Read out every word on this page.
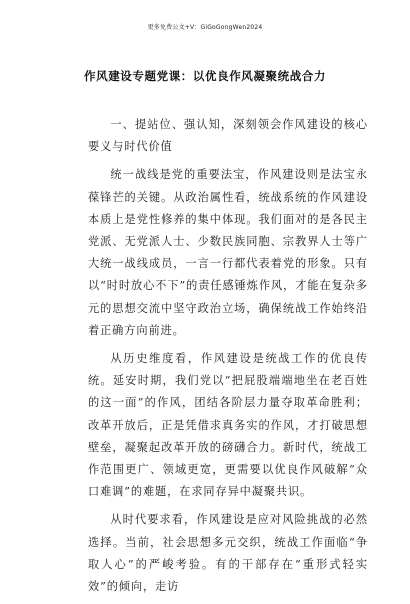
更多免费公文+V：GiGoGongWen2024
作风建设专题党课：以优良作风凝聚统战合力

一、提站位、强认知，深刻领会作风建设的核心要义与时代价值

统一战线是党的重要法宝，作风建设则是法宝永葆锋芒的关键。从政治属性看，统战系统的作风建设本质上是党性修养的集中体现。我们面对的是各民主党派、无党派人士、少数民族同胞、宗教界人士等广大统一战线成员，一言一行都代表着党的形象。只有以“时时放心不下”的责任感锤炼作风，才能在复杂多元的思想交流中坚守政治立场，确保统战工作始终沿着正确方向前进。

从历史维度看，作风建设是统战工作的优良传统。延安时期，我们党以“把屁股端端地坐在老百姓的这一面”的作风，团结各阶层力量夺取革命胜利；改革开放后，正是凭借求真务实的作风，才打破思想壁垒，凝聚起改革开放的磅礴合力。新时代，统战工作范围更广、领域更宽，更需要以优良作风破解“众口难调”的难题，在求同存异中凝聚共识。

从时代要求看，作风建设是应对风险挑战的必然选择。当前，社会思想多元交织，统战工作面临“争取人心”的严峻考验。有的干部存在“重形式轻实效”的倾向，走访
